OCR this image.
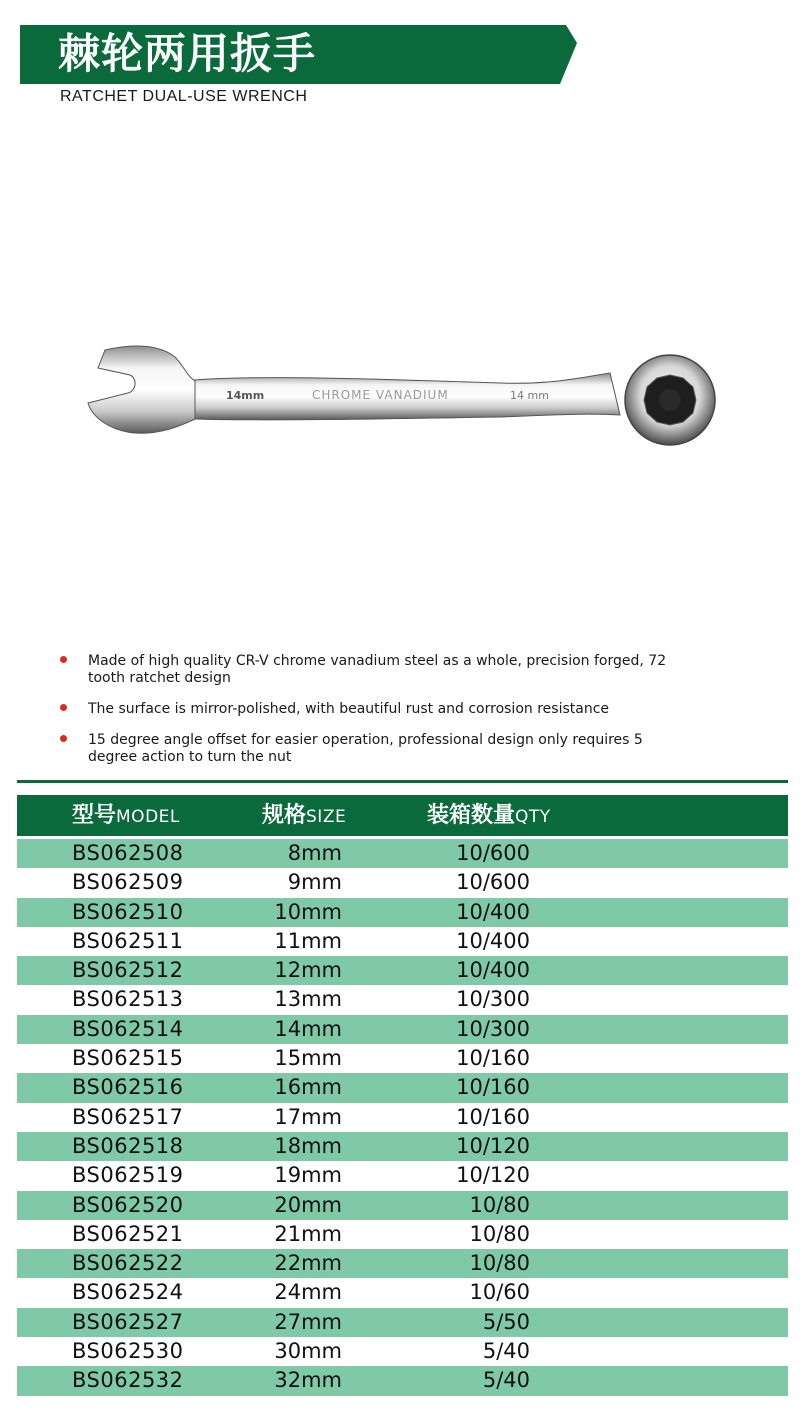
棘轮两用扳手
RATCHET DUAL-USE WRENCH
14mm	CHROME VANADIUM	14 mm
Made of high quality CR-V chrome vanadium steel as a whole, precision forged, 72 tooth ratchet design
The surface is mirror-polished, with beautiful rust and corrosion resistance
15 degree angle offset for easier operation, professional design only requires 5 degree action to turn the nut
型号MODEL	规格SIZE	装箱数量QTY
BS062508	8mm	10/600
BS062509	9mm	10/600
BS062510	10mm	10/400
BS062511	11mm	10/400
BS062512	12mm	10/400
BS062513	13mm	10/300
BS062514	14mm	10/300
BS062515	15mm	10/160
BS062516	16mm	10/160
BS062517	17mm	10/160
BS062518	18mm	10/120
BS062519	19mm	10/120
BS062520	20mm	10/80
BS062521	21mm	10/80
BS062522	22mm	10/80
BS062524	24mm	10/60
BS062527	27mm	5/50
BS062530	30mm	5/40
BS062532	32mm	5/40
